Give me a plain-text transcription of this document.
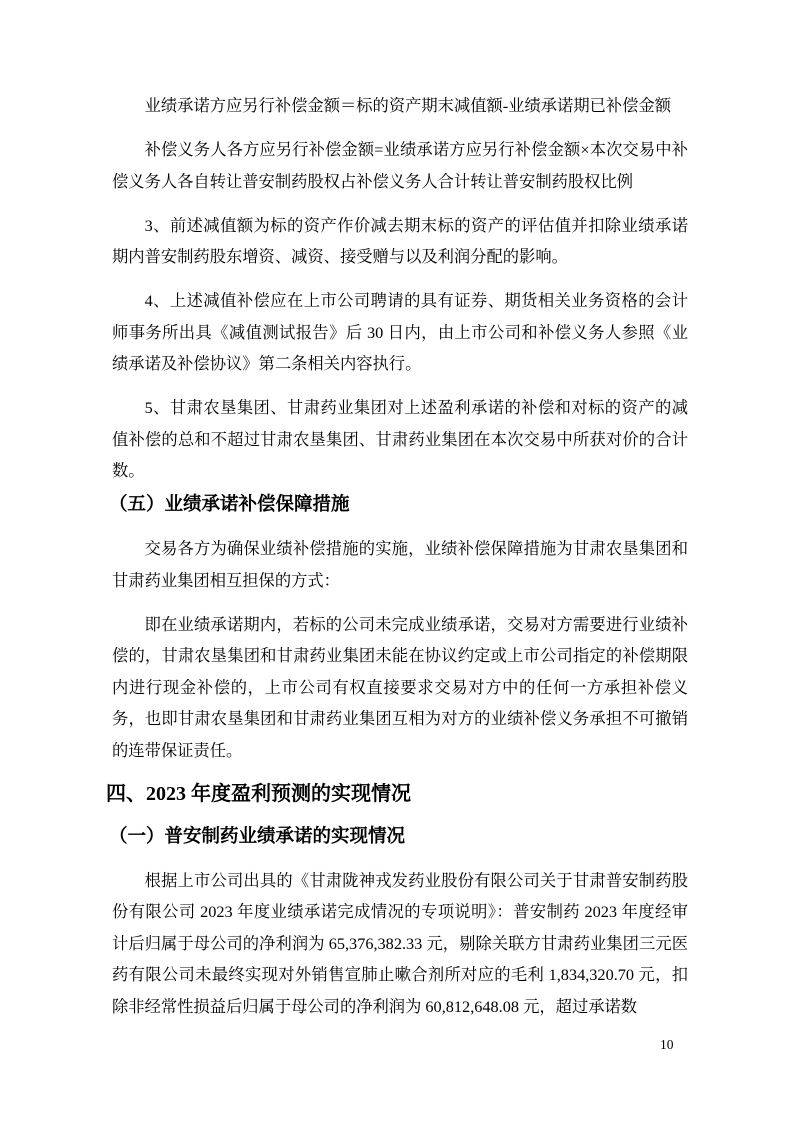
业绩承诺方应另行补偿金额＝标的资产期末减值额-业绩承诺期已补偿金额

补偿义务人各方应另行补偿金额=业绩承诺方应另行补偿金额×本次交易中补偿义务人各自转让普安制药股权占补偿义务人合计转让普安制药股权比例

3、前述减值额为标的资产作价减去期末标的资产的评估值并扣除业绩承诺期内普安制药股东增资、减资、接受赠与以及利润分配的影响。

4、上述减值补偿应在上市公司聘请的具有证券、期货相关业务资格的会计师事务所出具《减值测试报告》后 30 日内，由上市公司和补偿义务人参照《业绩承诺及补偿协议》第二条相关内容执行。

5、甘肃农垦集团、甘肃药业集团对上述盈利承诺的补偿和对标的资产的减值补偿的总和不超过甘肃农垦集团、甘肃药业集团在本次交易中所获对价的合计数。

（五）业绩承诺补偿保障措施

交易各方为确保业绩补偿措施的实施，业绩补偿保障措施为甘肃农垦集团和甘肃药业集团相互担保的方式：

即在业绩承诺期内，若标的公司未完成业绩承诺，交易对方需要进行业绩补偿的，甘肃农垦集团和甘肃药业集团未能在协议约定或上市公司指定的补偿期限内进行现金补偿的，上市公司有权直接要求交易对方中的任何一方承担补偿义务，也即甘肃农垦集团和甘肃药业集团互相为对方的业绩补偿义务承担不可撤销的连带保证责任。

四、2023 年度盈利预测的实现情况
（一）普安制药业绩承诺的实现情况

根据上市公司出具的《甘肃陇神戎发药业股份有限公司关于甘肃普安制药股份有限公司 2023 年度业绩承诺完成情况的专项说明》：普安制药 2023 年度经审计后归属于母公司的净利润为 65,376,382.33 元，剔除关联方甘肃药业集团三元医药有限公司未最终实现对外销售宣肺止嗽合剂所对应的毛利 1,834,320.70 元，扣除非经常性损益后归属于母公司的净利润为 60,812,648.08 元，超过承诺数

10
